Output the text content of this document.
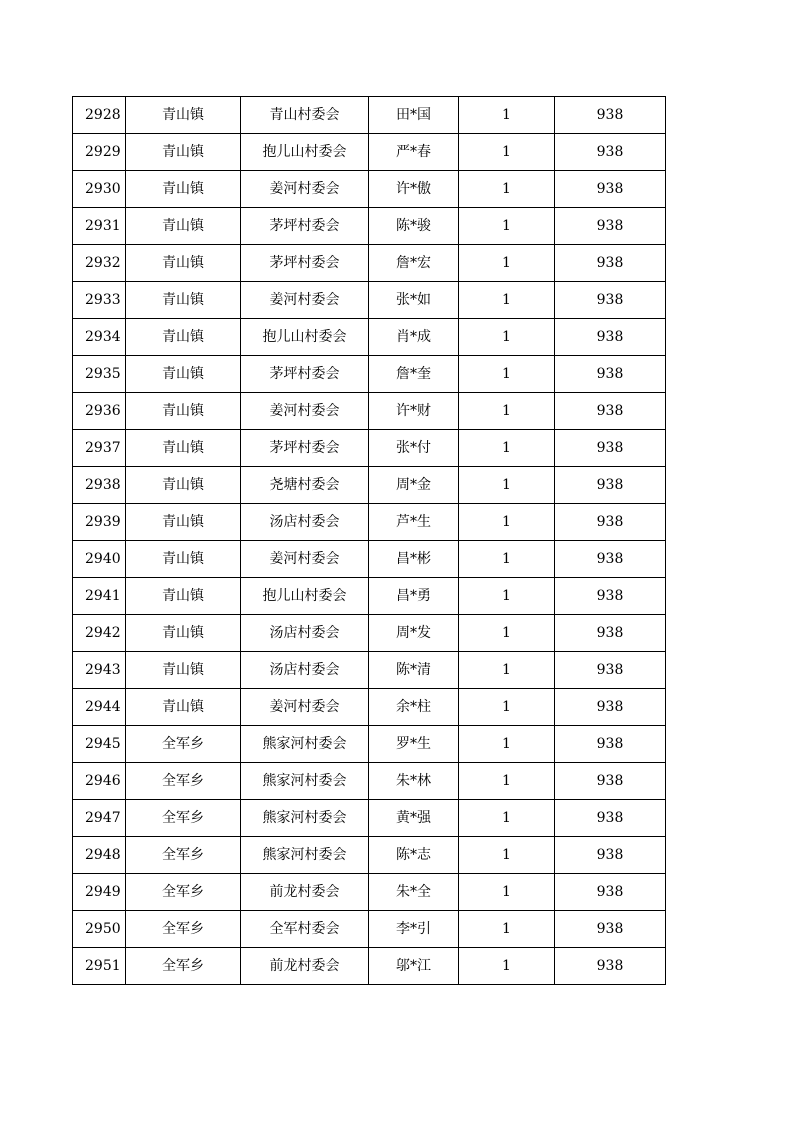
2928	青山镇	青山村委会	田*国	1	938
2929	青山镇	抱儿山村委会	严*春	1	938
2930	青山镇	姜河村委会	许*傲	1	938
2931	青山镇	茅坪村委会	陈*骏	1	938
2932	青山镇	茅坪村委会	詹*宏	1	938
2933	青山镇	姜河村委会	张*如	1	938
2934	青山镇	抱儿山村委会	肖*成	1	938
2935	青山镇	茅坪村委会	詹*奎	1	938
2936	青山镇	姜河村委会	许*财	1	938
2937	青山镇	茅坪村委会	张*付	1	938
2938	青山镇	尧塘村委会	周*金	1	938
2939	青山镇	汤店村委会	芦*生	1	938
2940	青山镇	姜河村委会	昌*彬	1	938
2941	青山镇	抱儿山村委会	昌*勇	1	938
2942	青山镇	汤店村委会	周*发	1	938
2943	青山镇	汤店村委会	陈*清	1	938
2944	青山镇	姜河村委会	余*柱	1	938
2945	全军乡	熊家河村委会	罗*生	1	938
2946	全军乡	熊家河村委会	朱*林	1	938
2947	全军乡	熊家河村委会	黄*强	1	938
2948	全军乡	熊家河村委会	陈*志	1	938
2949	全军乡	前龙村委会	朱*全	1	938
2950	全军乡	全军村委会	李*引	1	938
2951	全军乡	前龙村委会	邬*江	1	938
